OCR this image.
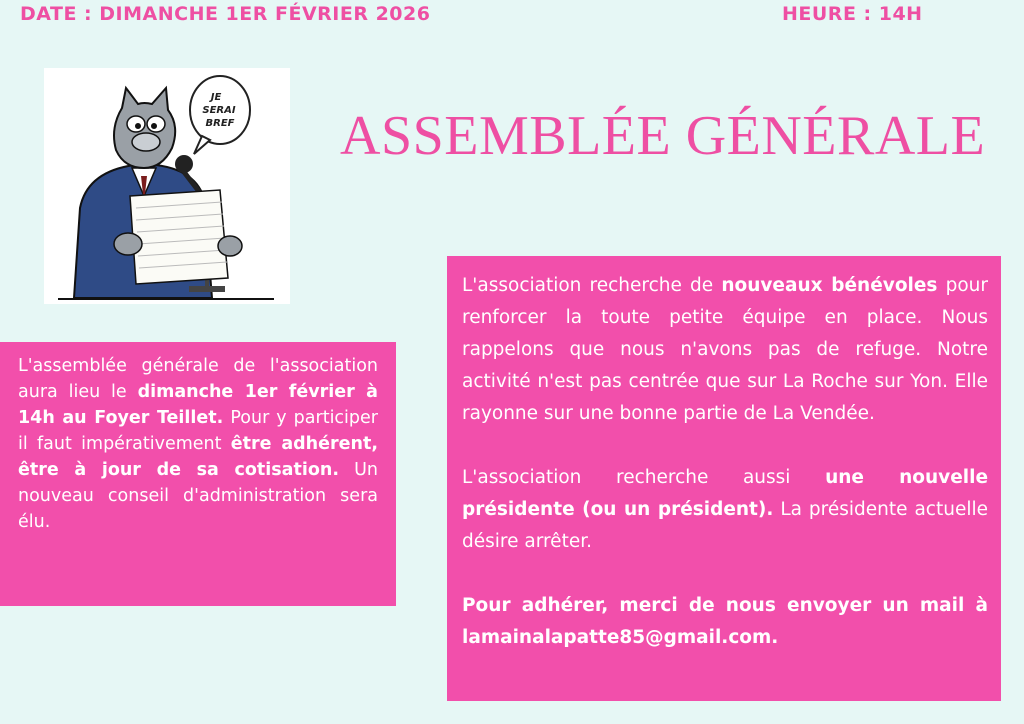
DATE : DIMANCHE 1ER FÉVRIER 2026	HEURE : 14H
JE
SERAI
BREF ASSEMBLÉE GÉNÉRALE

L'assemblée générale de l'association aura lieu le dimanche 1er février à 14h au Foyer Teillet. Pour y participer il faut impérativement être adhérent, être à jour de sa cotisation. Un nouveau conseil d'administration sera élu.

L'association recherche de nouveaux bénévoles pour renforcer la toute petite équipe en place. Nous rappelons que nous n'avons pas de refuge. Notre activité n'est pas centrée que sur La Roche sur Yon. Elle rayonne sur une bonne partie de La Vendée.

L'association recherche aussi une nouvelle présidente (ou un président). La présidente actuelle désire arrêter.

Pour adhérer, merci de nous envoyer un mail à lamainalapatte85@gmail.com.
